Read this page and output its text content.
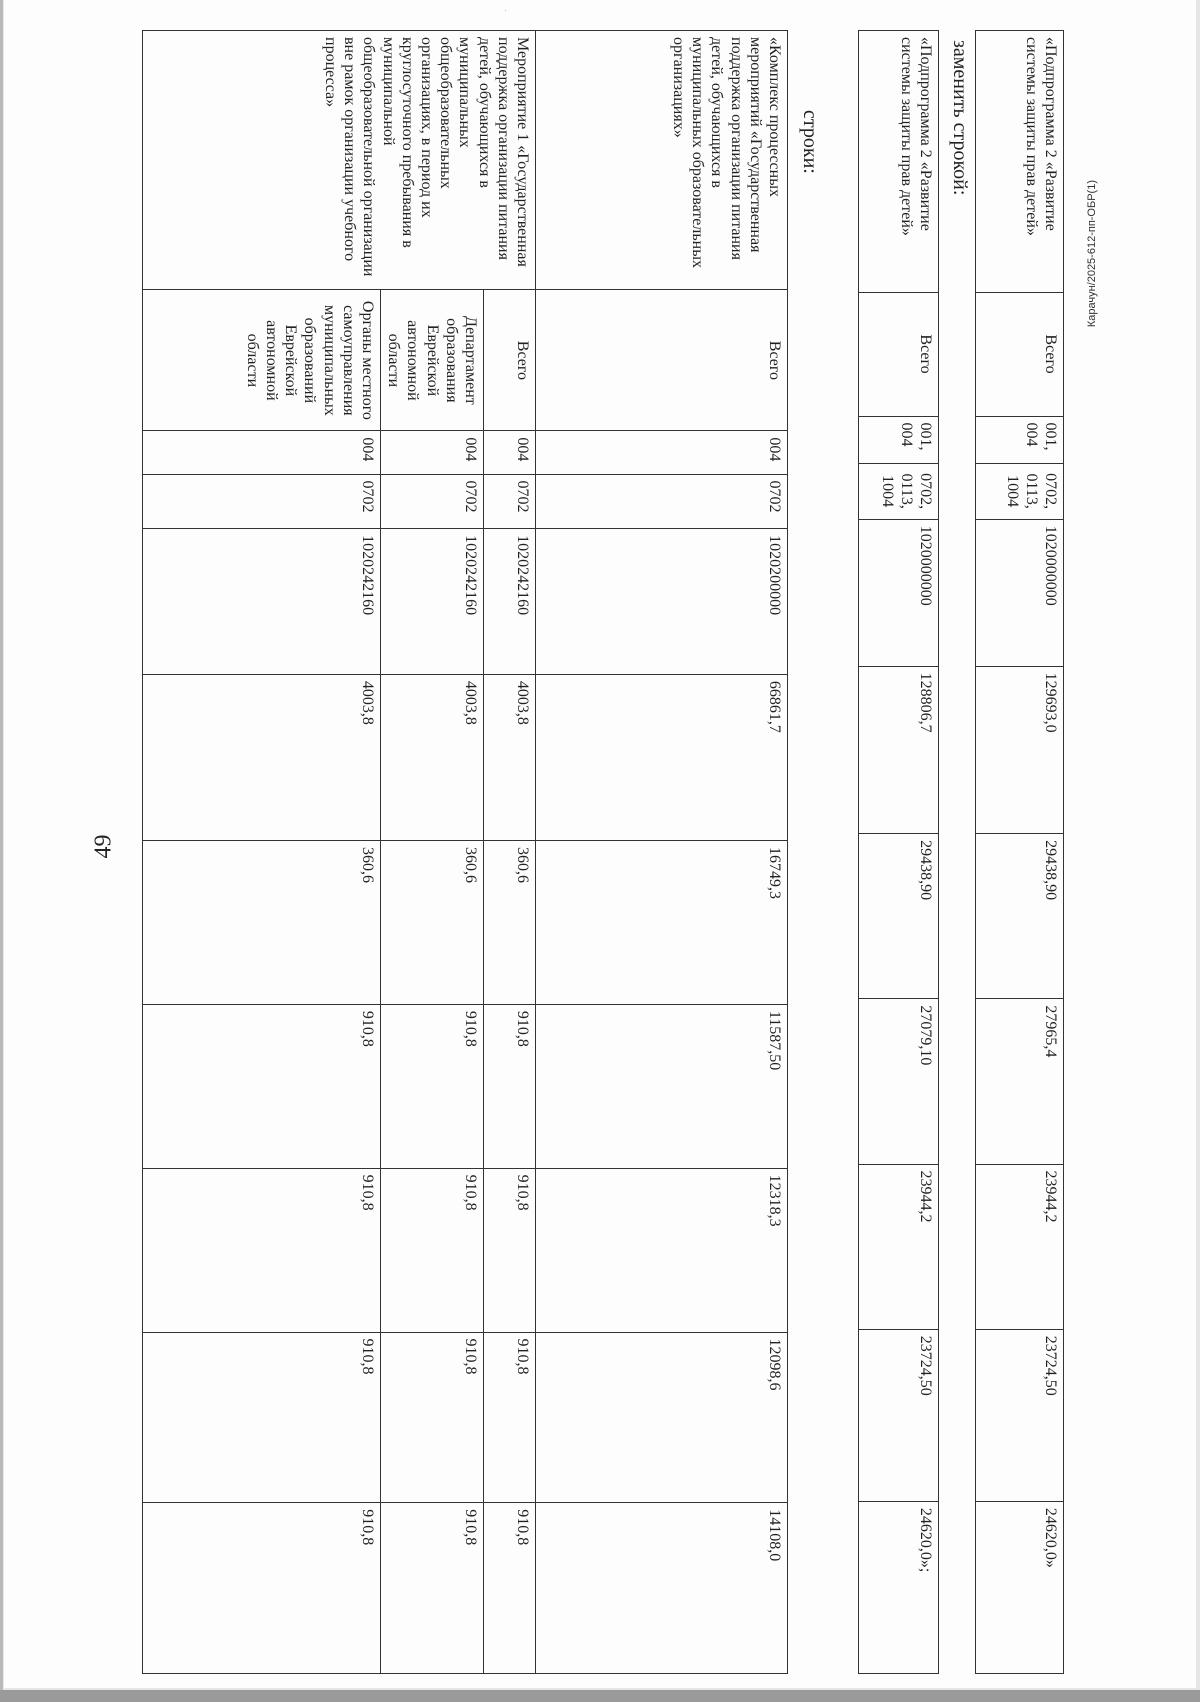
⋅
49
Карачун/2025-612-пп-ОБР(1)
«Подпрограмма 2 «Развитие системы защиты прав детей»	Всего	001, 004	0702, 0113, 1004	1020000000	129693,0	29438,90	27965,4	23944,2	23724,50	24620,0»
заменить строкой:
«Подпрограмма 2 «Развитие системы защиты прав детей»	Всего	001, 004	0702, 0113, 1004	1020000000	128806,7	29438,90	27079,10	23944,2	23724,50	24620,0»;
строки:
«Комплекс процессных мероприятий «Государственная поддержка организации питания детей, обучающихся в муниципальных образовательных организациях»	Всего	004	0702	1020200000	66861,7	16749,3	11587,50	12318,3	12098,6	14108,0
Мероприятие 1 «Государственная поддержка организации питания детей, обучающихся в муниципальных общеобразовательных организациях, в период их круглосуточного пребывания в муниципальной общеобразовательной организации вне рамок организации учебного процесса»	Всего	004	0702	1020242160	4003,8	360,6	910,8	910,8	910,8	910,8
	Департамент образования Еврейской автономной области	004	0702	1020242160	4003,8	360,6	910,8	910,8	910,8	910,8
	Органы местного самоуправления муниципальных образований Еврейской автономной области	004	0702	1020242160	4003,8	360,6	910,8	910,8	910,8	910,8
